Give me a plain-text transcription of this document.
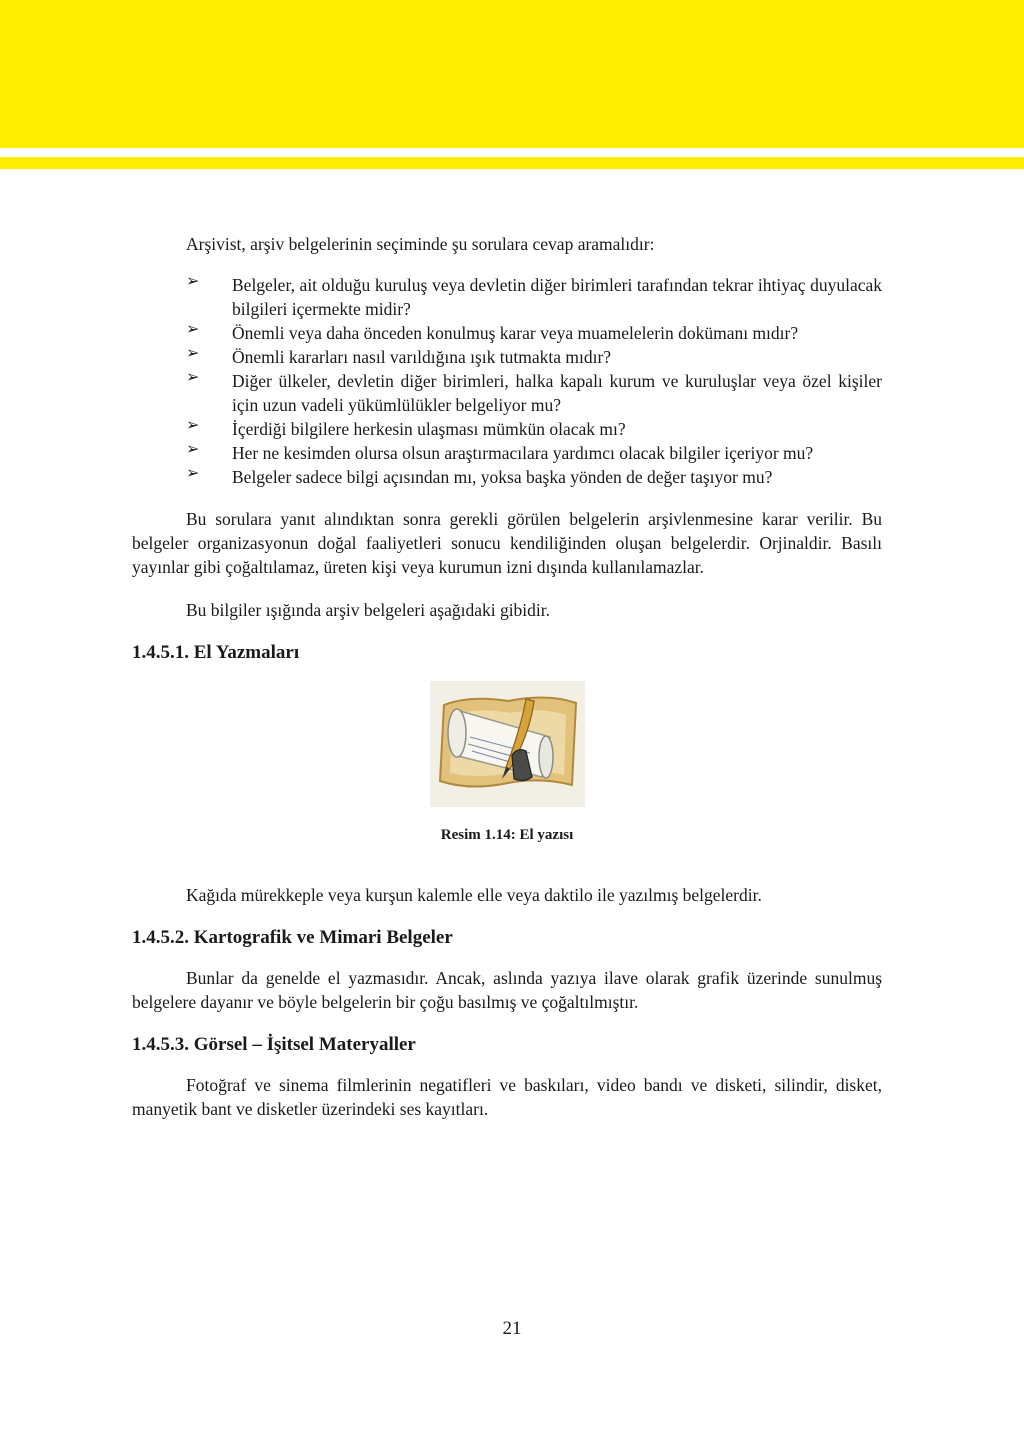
Arşivist, arşiv belgelerinin seçiminde şu sorulara cevap aramalıdır:

➢ Belgeler, ait olduğu kuruluş veya devletin diğer birimleri tarafından tekrar ihtiyaç duyulacak bilgileri içermekte midir?
➢ Önemli veya daha önceden konulmuş karar veya muamelelerin dokümanı mıdır?
➢ Önemli kararları nasıl varıldığına ışık tutmakta mıdır?
➢ Diğer ülkeler, devletin diğer birimleri, halka kapalı kurum ve kuruluşlar veya özel kişiler için uzun vadeli yükümlülükler belgeliyor mu?
➢ İçerdiği bilgilere herkesin ulaşması mümkün olacak mı?
➢ Her ne kesimden olursa olsun araştırmacılara yardımcı olacak bilgiler içeriyor mu?
➢ Belgeler sadece bilgi açısından mı, yoksa başka yönden de değer taşıyor mu?

Bu sorulara yanıt alındıktan sonra gerekli görülen belgelerin arşivlenmesine karar verilir. Bu belgeler organizasyonun doğal faaliyetleri sonucu kendiliğinden oluşan belgelerdir. Orjinaldir. Basılı yayınlar gibi çoğaltılamaz, üreten kişi veya kurumun izni dışında kullanılamazlar.

Bu bilgiler ışığında arşiv belgeleri aşağıdaki gibidir.

1.4.5.1. El Yazmaları
Resim 1.14: El yazısı

Kağıda mürekkeple veya kurşun kalemle elle veya daktilo ile yazılmış belgelerdir.

1.4.5.2. Kartografik ve Mimari Belgeler

Bunlar da genelde el yazmasıdır. Ancak, aslında yazıya ilave olarak grafik üzerinde sunulmuş belgelere dayanır ve böyle belgelerin bir çoğu basılmış ve çoğaltılmıştır.

1.4.5.3. Görsel – İşitsel Materyaller

Fotoğraf ve sinema filmlerinin negatifleri ve baskıları, video bandı ve disketi, silindir, disket, manyetik bant ve disketler üzerindeki ses kayıtları.

21
